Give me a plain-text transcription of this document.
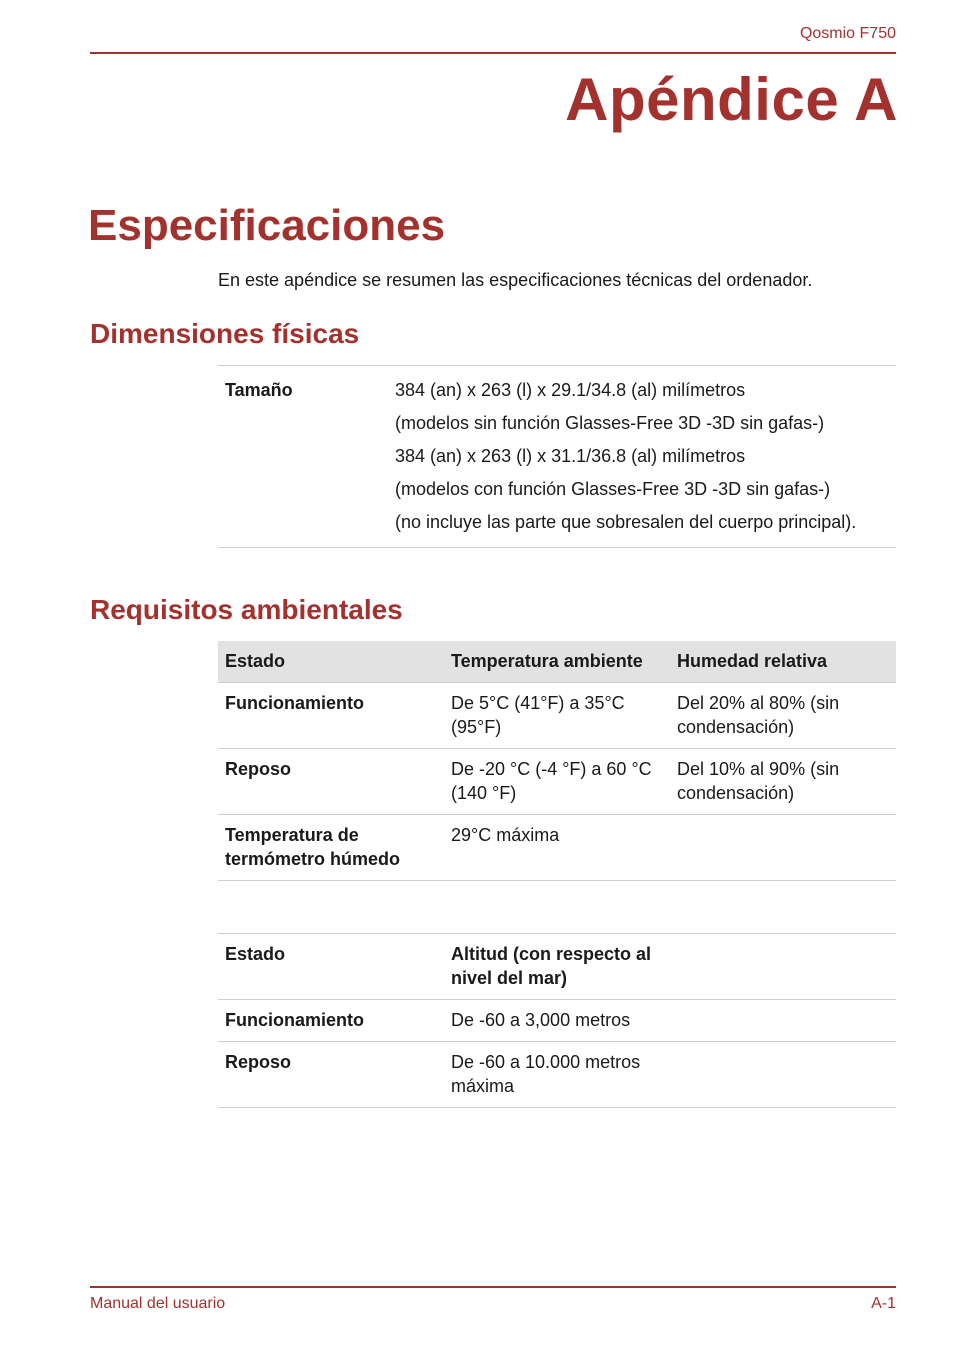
Qosmio F750
Apéndice A
Especificaciones

En este apéndice se resumen las especificaciones técnicas del ordenador.

Dimensiones físicas
Tamaño	384 (an) x 263 (l) x 29.1/34.8 (al) milímetros
(modelos sin función Glasses-Free 3D -3D sin gafas-)
384 (an) x 263 (l) x 31.1/36.8 (al) milímetros
(modelos con función Glasses-Free 3D -3D sin gafas-)
(no incluye las parte que sobresalen del cuerpo principal).
Requisitos ambientales
Estado	Temperatura ambiente	Humedad relativa
Funcionamiento	De 5°C (41°F) a 35°C (95°F)	Del 20% al 80% (sin condensación)
Reposo	De -20 °C (-4 °F) a 60 °C (140 °F)	Del 10% al 90% (sin condensación)
Temperatura de termómetro húmedo	29°C máxima	
Estado	Altitud (con respecto al nivel del mar)	
Funcionamiento	De -60 a 3,000 metros	
Reposo	De -60 a 10.000 metros máxima	
Manual del usuario	A-1
